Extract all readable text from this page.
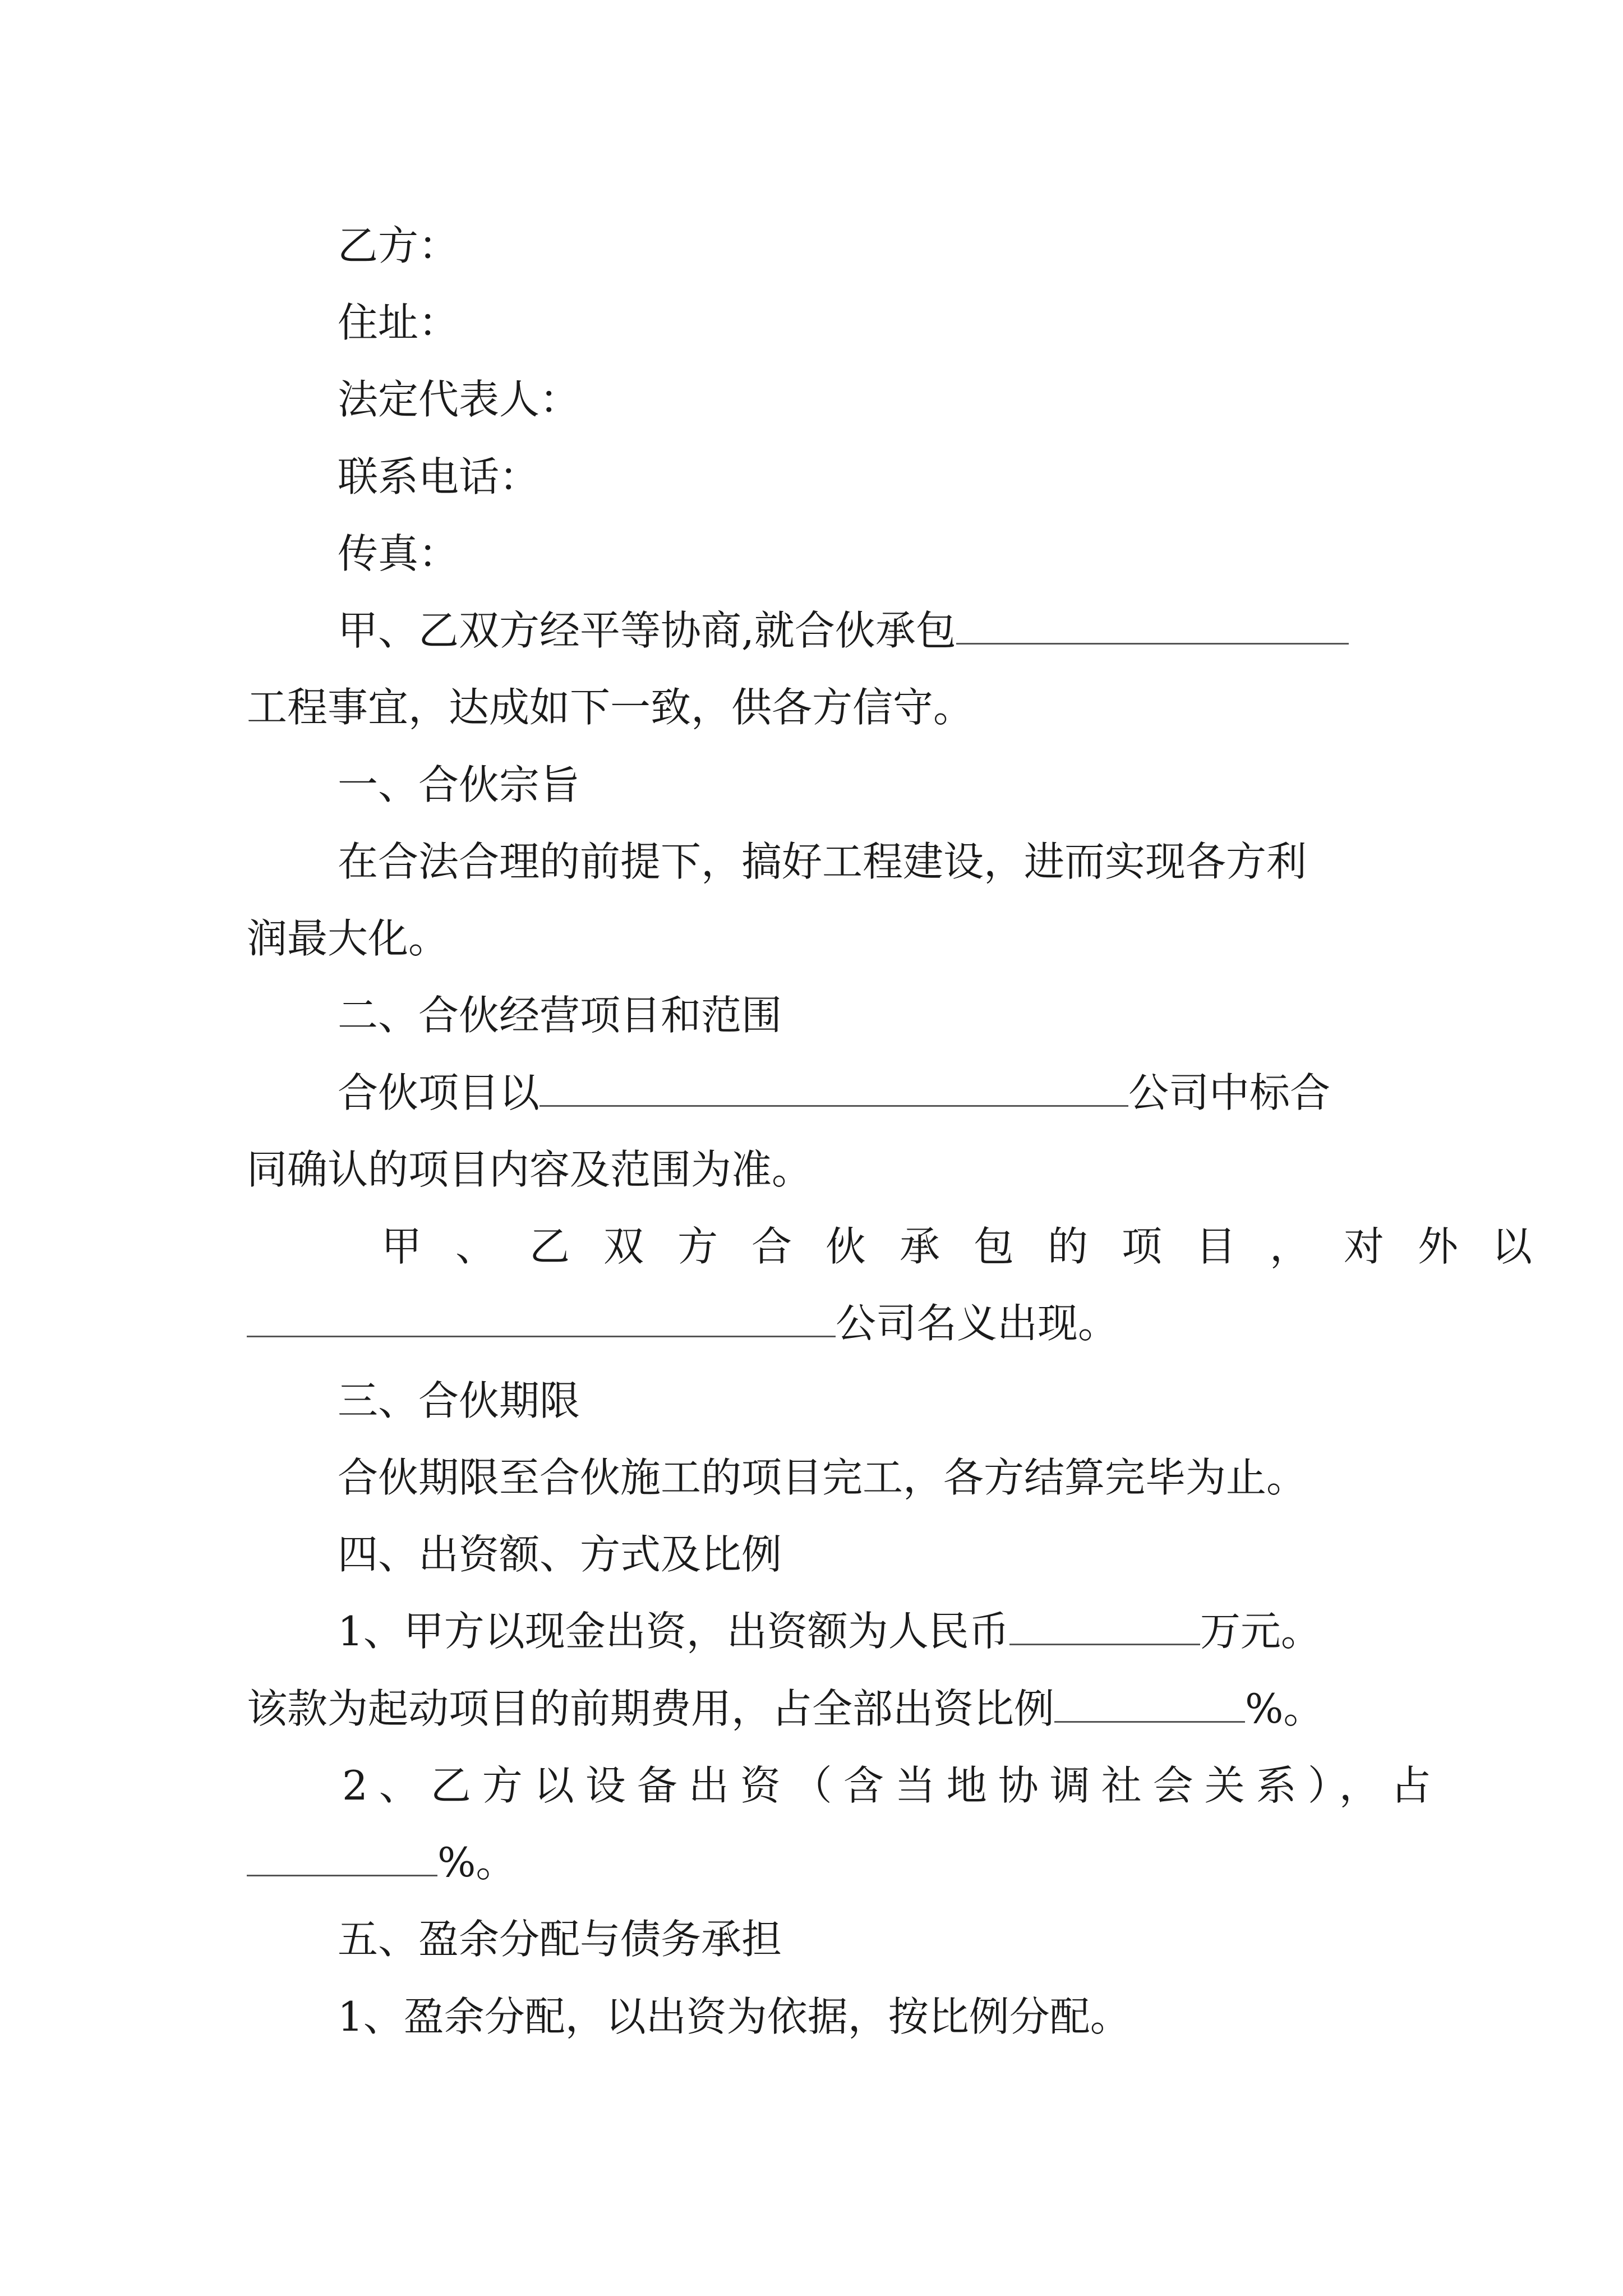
乙方：
住址：
法定代表人：
联系电话：
传真：
甲、乙双方经平等协商,就合伙承包
工程事宜，达成如下一致，供各方信守。
一、合伙宗旨
在合法合理的前提下，搞好工程建设，进而实现各方利
润最大化。
二、合伙经营项目和范围
合伙项目以	公司中标合
同确认的项目内容及范围为准。
甲、乙双方合伙承包的项目，对外以
公司名义出现。
三、合伙期限
合伙期限至合伙施工的项目完工，各方结算完毕为止。
四、出资额、方式及比例
1、甲方以现金出资，出资额为人民币	万元。
该款为起动项目的前期费用，占全部出资比例	%。
2、乙方以设备出资（含当地协调社会关系），占
%。
五、盈余分配与债务承担
1、盈余分配，以出资为依据，按比例分配。
